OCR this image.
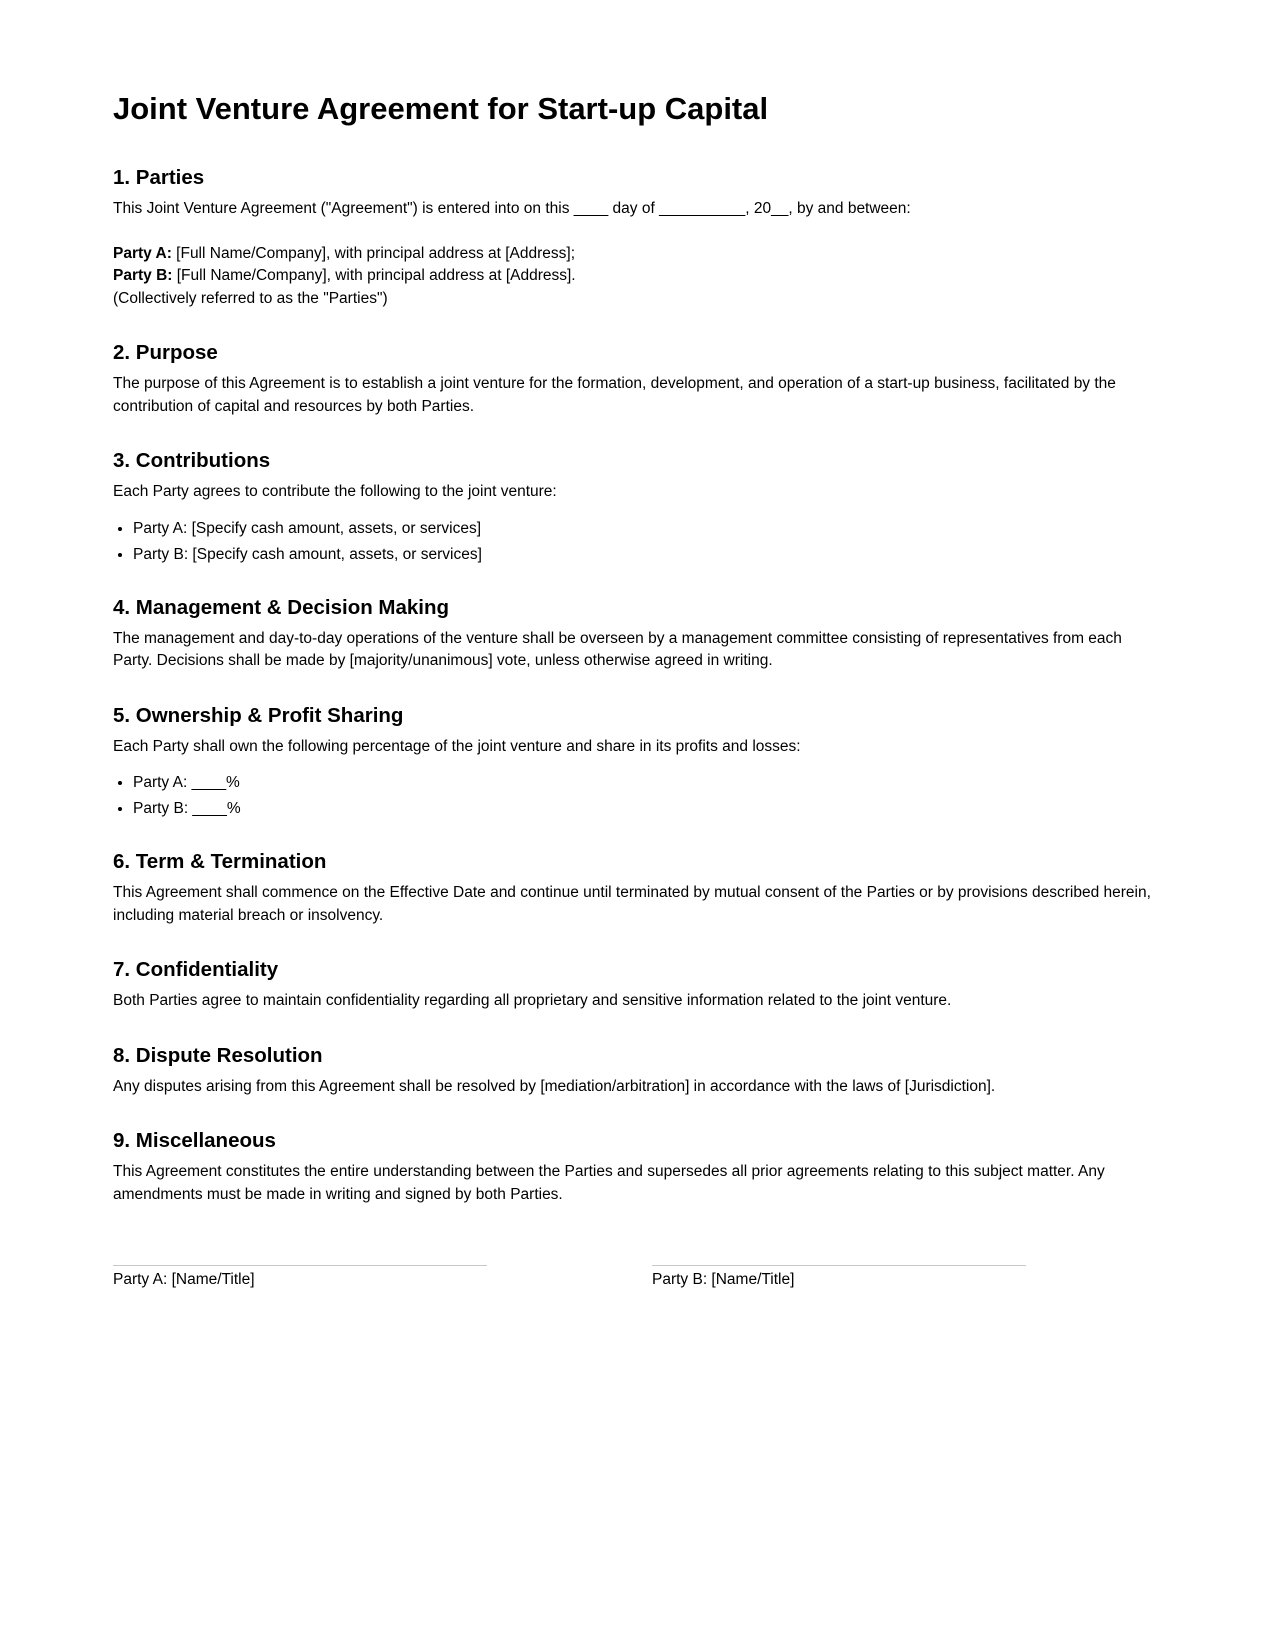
Joint Venture Agreement for Start-up Capital
1. Parties

This Joint Venture Agreement ("Agreement") is entered into on this ____ day of __________, 20__, by and between:

Party A: [Full Name/Company], with principal address at [Address];

Party B: [Full Name/Company], with principal address at [Address].

(Collectively referred to as the "Parties")

2. Purpose

The purpose of this Agreement is to establish a joint venture for the formation, development, and operation of a start-up business, facilitated by the contribution of capital and resources by both Parties.

3. Contributions

Each Party agrees to contribute the following to the joint venture:

• Party A: [Specify cash amount, assets, or services]
• Party B: [Specify cash amount, assets, or services]
4. Management & Decision Making

The management and day-to-day operations of the venture shall be overseen by a management committee consisting of representatives from each Party. Decisions shall be made by [majority/unanimous] vote, unless otherwise agreed in writing.

5. Ownership & Profit Sharing

Each Party shall own the following percentage of the joint venture and share in its profits and losses:

• Party A: ____%
• Party B: ____%
6. Term & Termination

This Agreement shall commence on the Effective Date and continue until terminated by mutual consent of the Parties or by provisions described herein, including material breach or insolvency.

7. Confidentiality

Both Parties agree to maintain confidentiality regarding all proprietary and sensitive information related to the joint venture.

8. Dispute Resolution

Any disputes arising from this Agreement shall be resolved by [mediation/arbitration] in accordance with the laws of [Jurisdiction].

9. Miscellaneous

This Agreement constitutes the entire understanding between the Parties and supersedes all prior agreements relating to this subject matter. Any amendments must be made in writing and signed by both Parties.

Party A: [Name/Title]	Party B: [Name/Title]
